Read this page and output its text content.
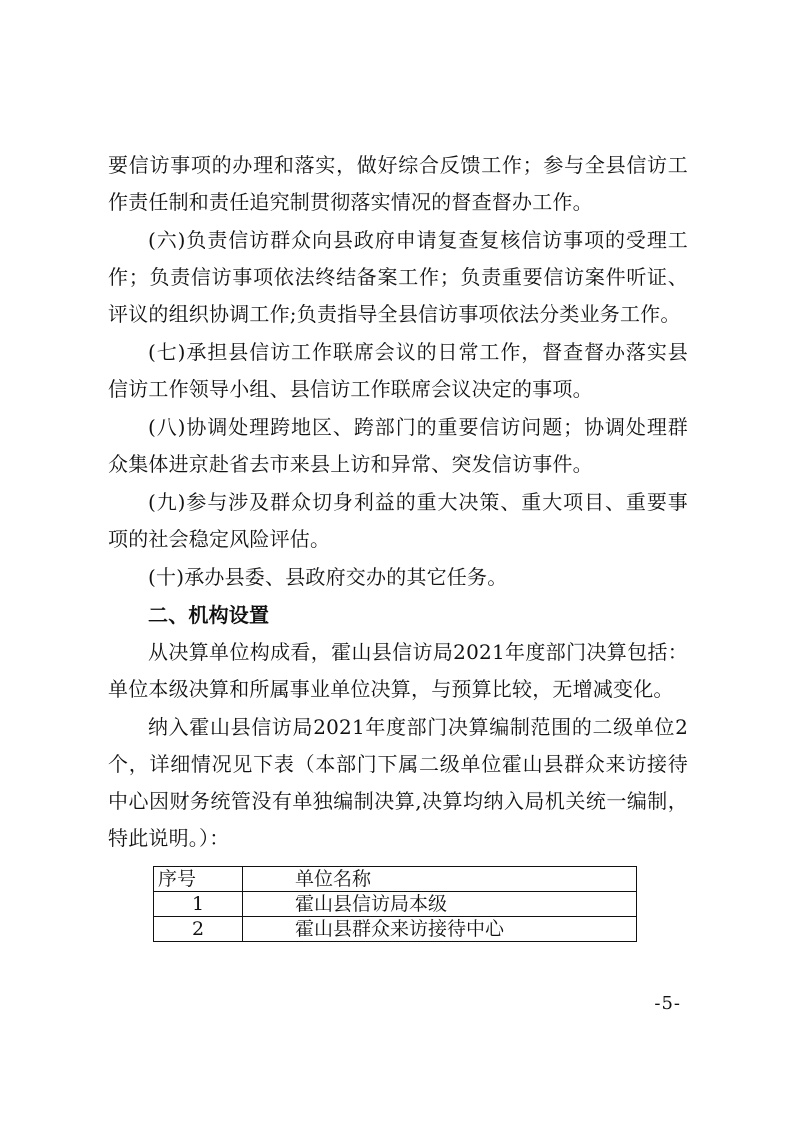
要信访事项的办理和落实，做好综合反馈工作；参与全县信访工作责任制和责任追究制贯彻落实情况的督查督办工作。

(六)负责信访群众向县政府申请复查复核信访事项的受理工作；负责信访事项依法终结备案工作；负责重要信访案件听证、评议的组织协调工作;负责指导全县信访事项依法分类业务工作。

(七)承担县信访工作联席会议的日常工作，督查督办落实县信访工作领导小组、县信访工作联席会议决定的事项。

(八)协调处理跨地区、跨部门的重要信访问题；协调处理群众集体进京赴省去市来县上访和异常、突发信访事件。

(九)参与涉及群众切身利益的重大决策、重大项目、重要事项的社会稳定风险评估。

(十)承办县委、县政府交办的其它任务。

二、机构设置

从决算单位构成看，霍山县信访局2021年度部门决算包括：单位本级决算和所属事业单位决算，与预算比较，无增减变化。

纳入霍山县信访局2021年度部门决算编制范围的二级单位2个，详细情况见下表（本部门下属二级单位霍山县群众来访接待中心因财务统管没有单独编制决算,决算均纳入局机关统一编制，特此说明。）：

序号	单位名称
1	霍山县信访局本级
2	霍山县群众来访接待中心
-5-
